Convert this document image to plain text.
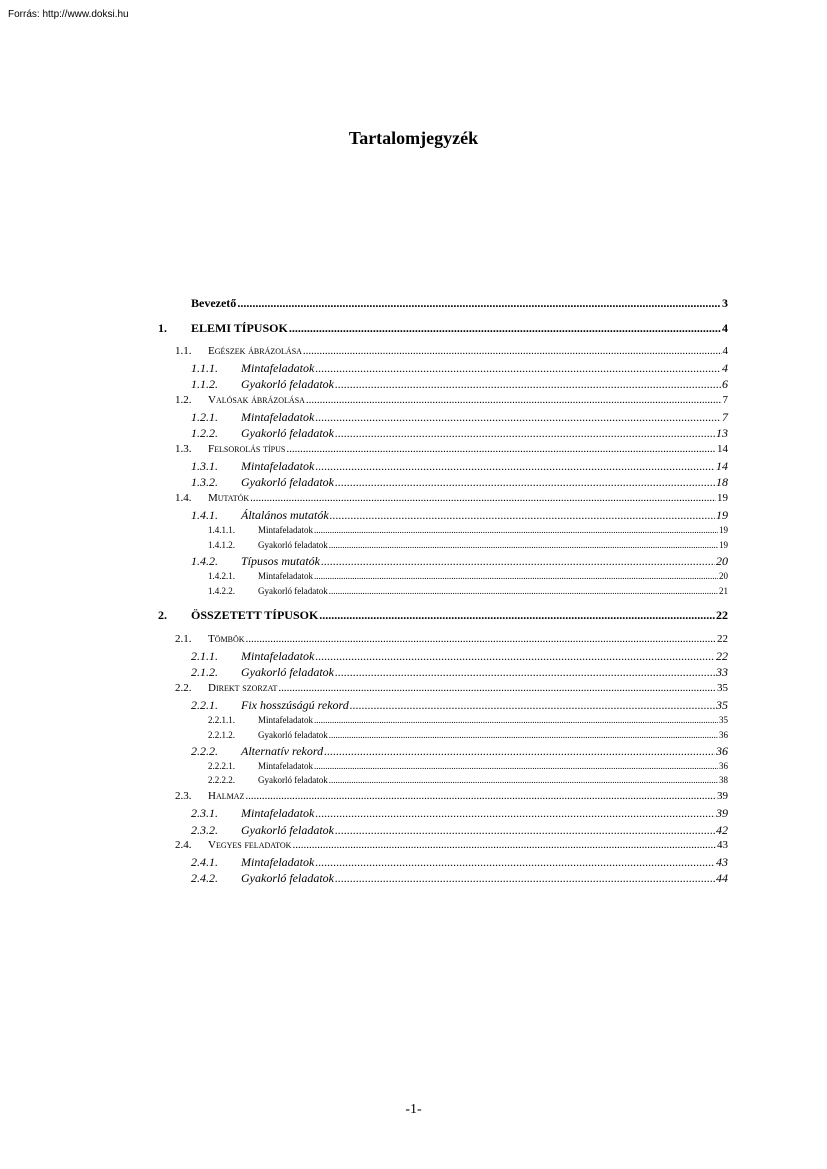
Forrás: http://www.doksi.hu
Tartalomjegyzék
Bevezető .....	3
1.	ELEMI TÍPUSOK .....	4
1.1.	Egészek ábrázolása .....	4
1.1.1.	Mintafeladatok .....	4
1.1.2.	Gyakorló feladatok .....	6
1.2.	Valósak ábrázolása .....	7
1.2.1.	Mintafeladatok .....	7
1.2.2.	Gyakorló feladatok .....	13
1.3.	Felsorolás típus .....	14
1.3.1.	Mintafeladatok .....	14
1.3.2.	Gyakorló feladatok .....	18
1.4.	Mutatók .....	19
1.4.1.	Általános mutatók .....	19
1.4.1.1.	Mintafeladatok .....	19
1.4.1.2.	Gyakorló feladatok .....	19
1.4.2.	Típusos mutatók .....	20
1.4.2.1.	Mintafeladatok .....	20
1.4.2.2.	Gyakorló feladatok .....	21
2.	ÖSSZETETT TÍPUSOK .....	22
2.1.	Tömbök .....	22
2.1.1.	Mintafeladatok .....	22
2.1.2.	Gyakorló feladatok .....	33
2.2.	Direkt szorzat .....	35
2.2.1.	Fix hosszúságú rekord .....	35
2.2.1.1.	Mintafeladatok .....	35
2.2.1.2.	Gyakorló feladatok .....	36
2.2.2.	Alternatív rekord .....	36
2.2.2.1.	Mintafeladatok .....	36
2.2.2.2.	Gyakorló feladatok .....	38
2.3.	Halmaz .....	39
2.3.1.	Mintafeladatok .....	39
2.3.2.	Gyakorló feladatok .....	42
2.4.	Vegyes feladatok .....	43
2.4.1.	Mintafeladatok .....	43
2.4.2.	Gyakorló feladatok .....	44
-1-
